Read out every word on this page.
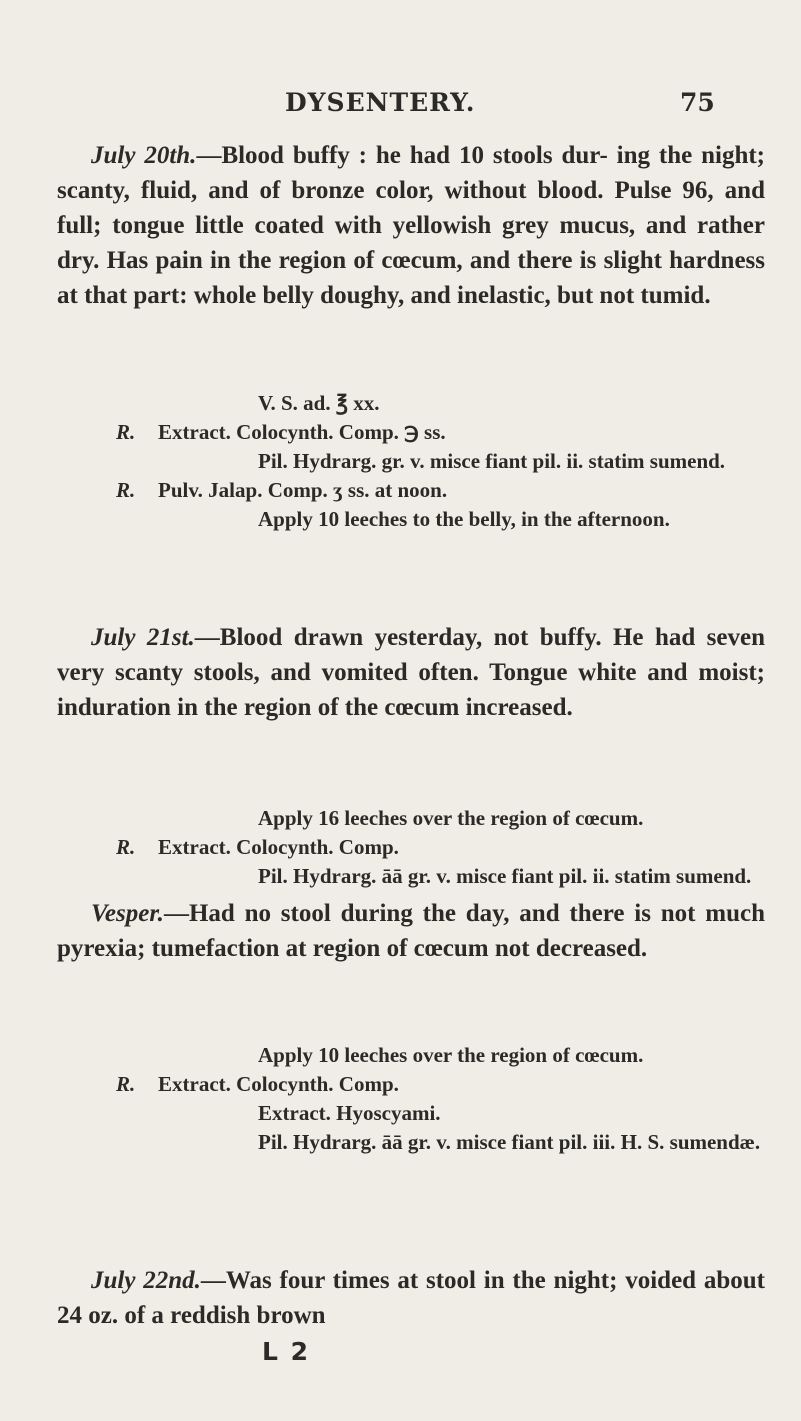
DYSENTERY.	75
July 20th.—Blood buffy : he had 10 stools dur- ing the night; scanty, fluid, and of bronze color, without blood. Pulse 96, and full; tongue little coated with yellowish grey mucus, and rather dry. Has pain in the region of cœcum, and there is slight hardness at that part: whole belly doughy, and inelastic, but not tumid.
V. S. ad. ℥ xx.
R. Extract. Colocynth. Comp. ℈ ss.
Pil. Hydrarg. gr. v. misce fiant pil. ii. statim sumend.
R. Pulv. Jalap. Comp. ʒ ss. at noon.
Apply 10 leeches to the belly, in the afternoon.
July 21st.—Blood drawn yesterday, not buffy. He had seven very scanty stools, and vomited often. Tongue white and moist; induration in the region of the cœcum increased.
Apply 16 leeches over the region of cœcum.
R. Extract. Colocynth. Comp.
Pil. Hydrarg. āā gr. v. misce fiant pil. ii. statim sumend.
Vesper.—Had no stool during the day, and there is not much pyrexia; tumefaction at region of cœcum not decreased.
Apply 10 leeches over the region of cœcum.
R. Extract. Colocynth. Comp.
Extract. Hyoscyami.
Pil. Hydrarg. āā gr. v. misce fiant pil. iii. H. S. sumendæ.
July 22nd.—Was four times at stool in the night; voided about 24 oz. of a reddish brown
L 2
